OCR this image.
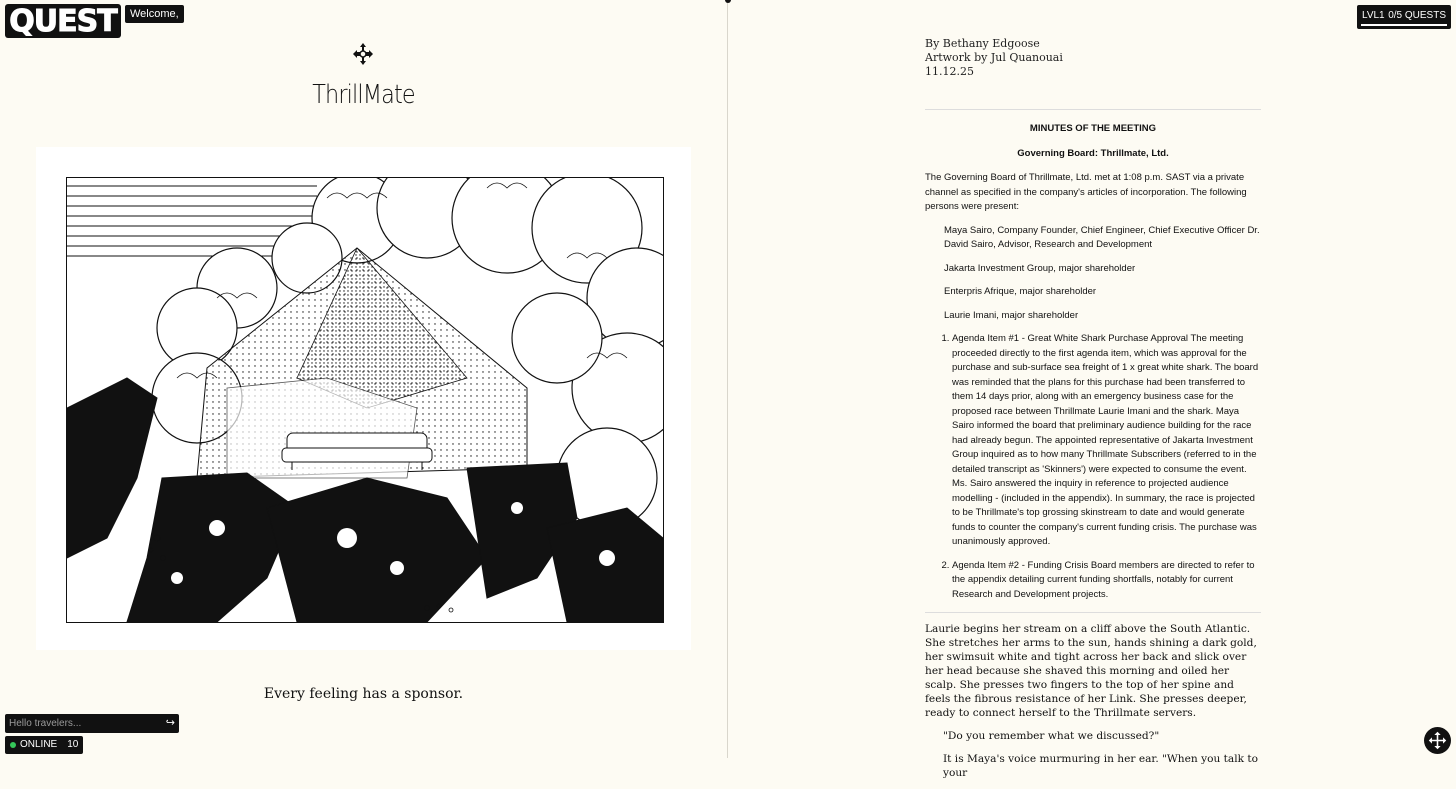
QUEST	Welcome,	LVL1 0/5 QUESTS
ThrillMate
Every feeling has a sponsor.
Hello travelers...
↪
ONLINE 10
By Bethany Edgoose
Artwork by Jul Quanouai
11.12.25
MINUTES OF THE MEETING
Governing Board: Thrillmate, Ltd.

The Governing Board of Thrillmate, Ltd. met at 1:08 p.m. SAST via a private channel as specified in the company's articles of incorporation. The following persons were present:

Maya Sairo, Company Founder, Chief Engineer, Chief Executive Officer Dr. David Sairo, Advisor, Research and Development

Jakarta Investment Group, major shareholder

Enterpris Afrique, major shareholder

Laurie Imani, major shareholder

1. Agenda Item #1 - Great White Shark Purchase Approval The meeting proceeded directly to the first agenda item, which was approval for the purchase and sub-surface sea freight of 1 x great white shark. The board was reminded that the plans for this purchase had been transferred to them 14 days prior, along with an emergency business case for the proposed race between Thrillmate Laurie Imani and the shark. Maya Sairo informed the board that preliminary audience building for the race had already begun. The appointed representative of Jakarta Investment Group inquired as to how many Thrillmate Subscribers (referred to in the detailed transcript as 'Skinners') were expected to consume the event. Ms. Sairo answered the inquiry in reference to projected audience modelling - (included in the appendix). In summary, the race is projected to be Thrillmate's top grossing skinstream to date and would generate funds to counter the company's current funding crisis. The purchase was unanimously approved.
2. Agenda Item #2 - Funding Crisis Board members are directed to refer to the appendix detailing current funding shortfalls, notably for current Research and Development projects.

Laurie begins her stream on a cliff above the South Atlantic. She stretches her arms to the sun, hands shining a dark gold, her swimsuit white and tight across her back and slick over her head because she shaved this morning and oiled her scalp. She presses two fingers to the top of her spine and feels the fibrous resistance of her Link. She presses deeper, ready to connect herself to the Thrillmate servers.

"Do you remember what we discussed?"

It is Maya's voice murmuring in her ear. "When you talk to your
